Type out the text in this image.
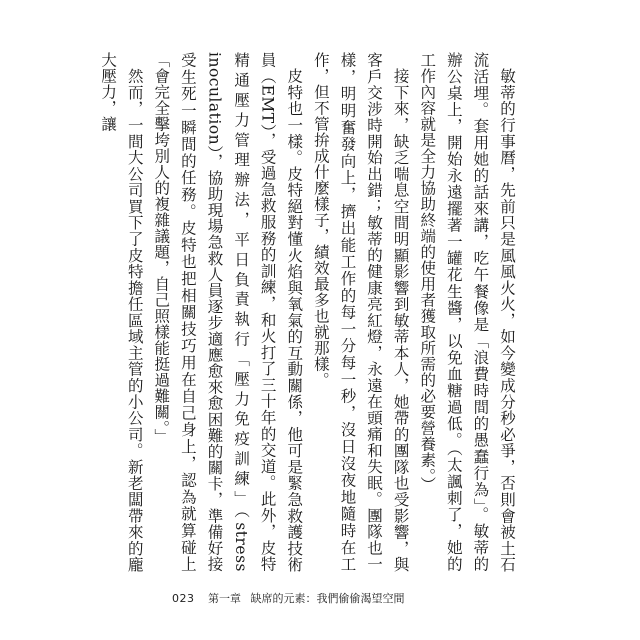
敏蒂的行事曆，先前只是風風火火，如今變成分秒必爭，否則會被土石流活埋。套用她的話來講，吃午餐像是「浪費時間的愚蠢行為」。敏蒂的辦公桌上，開始永遠擺著一罐花生醬，以免血糖過低。（太諷刺了，她的工作內容就是全力協助終端的使用者獲取所需的必要營養素。）

接下來，缺乏喘息空間明顯影響到敏蒂本人，她帶的團隊也受影響，與客戶交涉時開始出錯；敏蒂的健康亮紅燈，永遠在頭痛和失眠。團隊也一樣，明明奮發向上，擠出能工作的每一分每一秒，沒日沒夜地隨時在工作，但不管拚成什麼樣子，績效最多也就那樣。

皮特也一樣。皮特絕對懂火焰與氧氣的互動關係，他可是緊急救護技術員（EMT），受過急救服務的訓練，和火打了三十年的交道。此外，皮特精通壓力管理辦法，平日負責執行「壓力免疫訓練」（stress inoculation），協助現場急救人員逐步適應愈來愈困難的關卡，準備好接受生死一瞬間的任務。皮特也把相關技巧用在自己身上，認為就算碰上「會完全擊垮別人的複雜議題，自己照樣能挺過難關。」

然而，一間大公司買下了皮特擔任區域主管的小公司。新老闆帶來的龐大壓力，讓

023 第一章 缺席的元素：我們偷偷渴望空間
